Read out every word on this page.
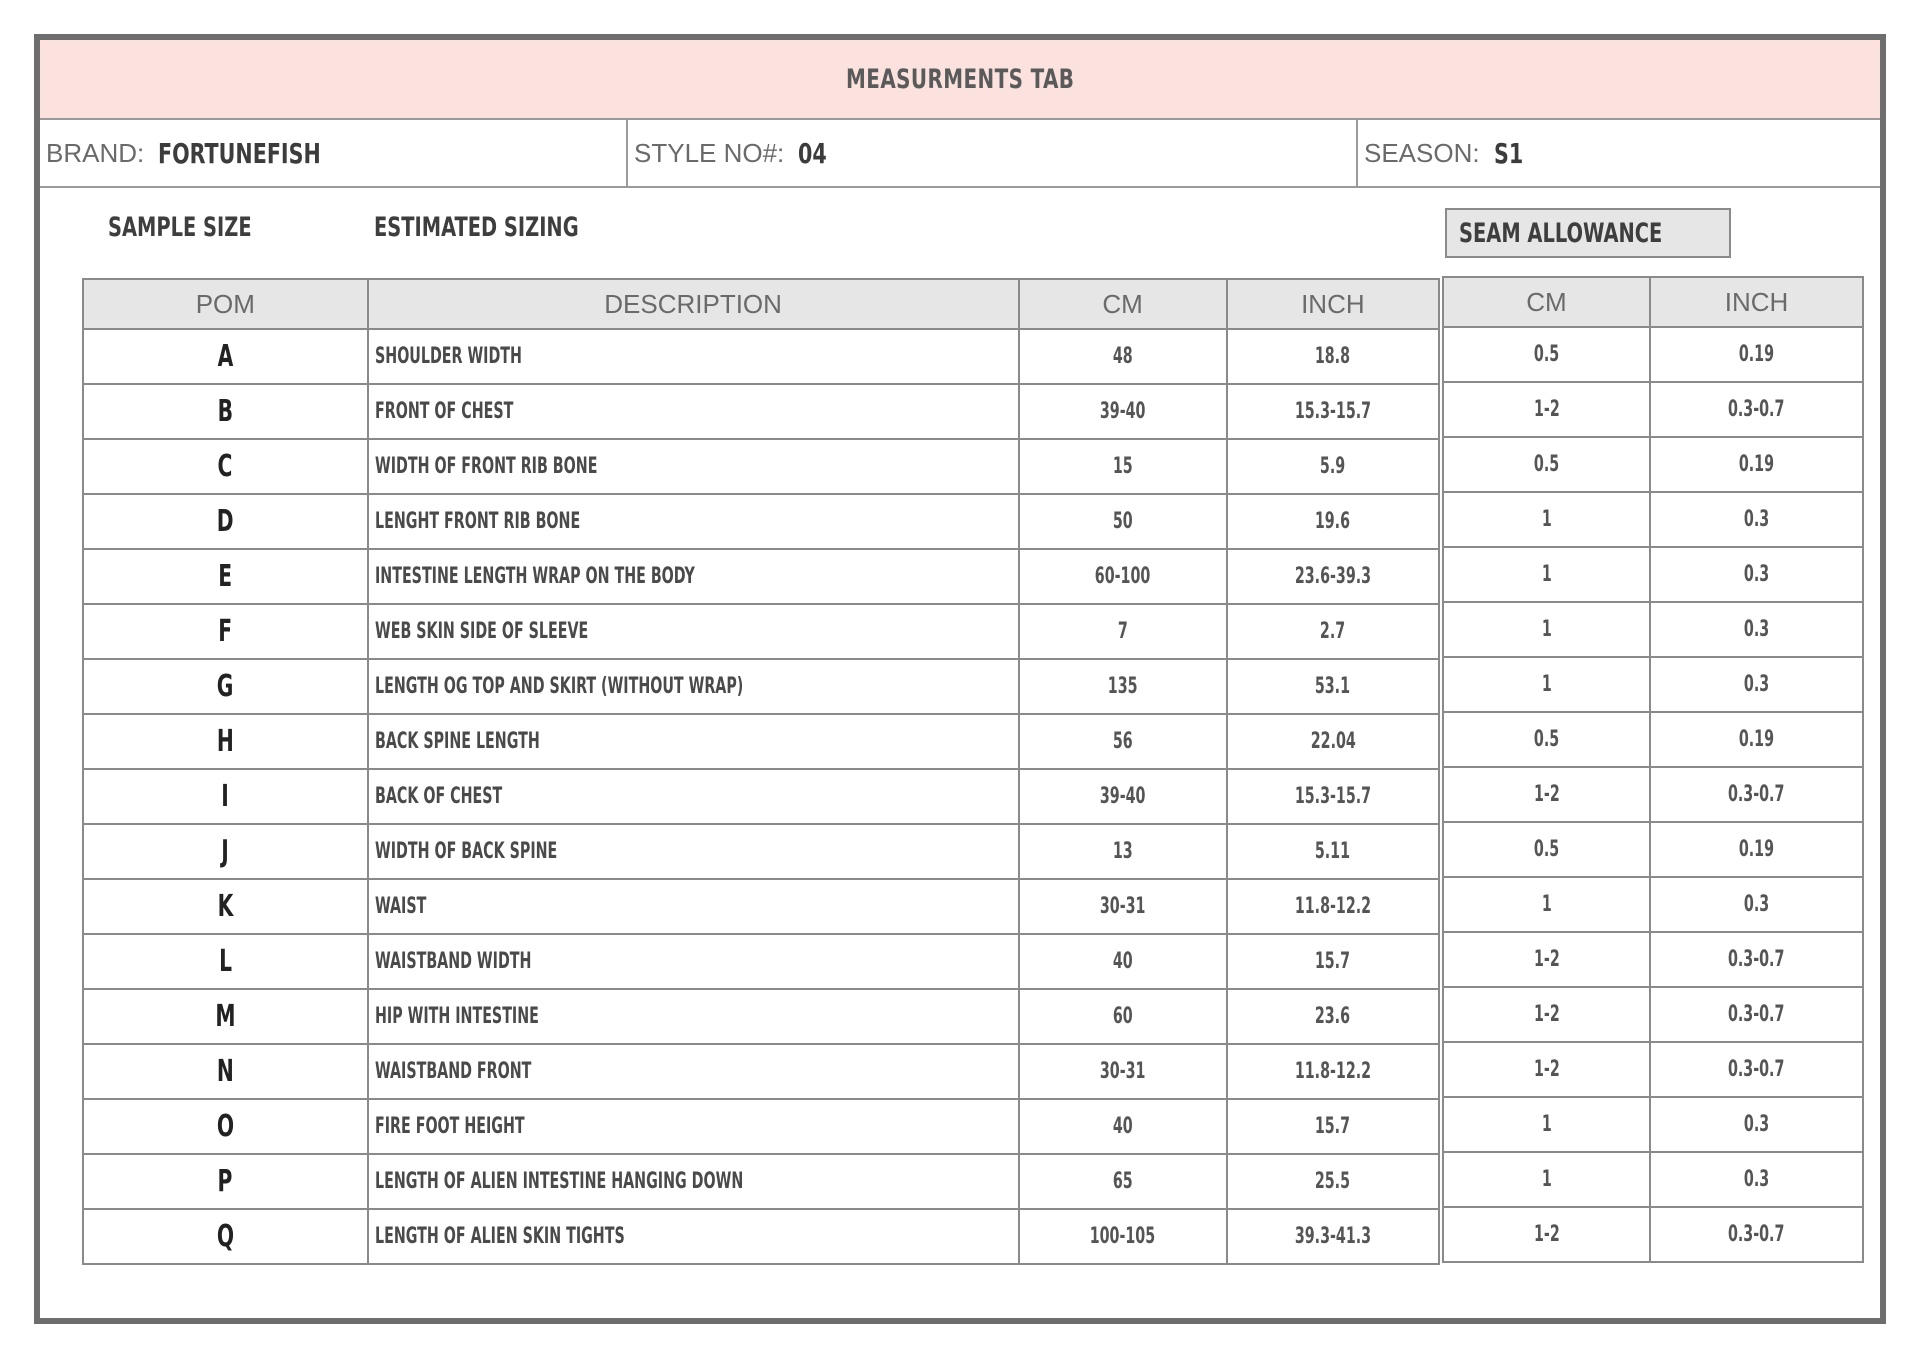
MEASURMENTS TAB
BRAND: FORTUNEFISH	STYLE NO#: 04	SEASON: S1
SAMPLE SIZE	ESTIMATED SIZING	SEAM ALLOWANCE
POM	DESCRIPTION	CM	INCH
A	SHOULDER WIDTH	48	18.8
B	FRONT OF CHEST	39-40	15.3-15.7
C	WIDTH OF FRONT RIB BONE	15	5.9
D	LENGHT FRONT RIB BONE	50	19.6
E	INTESTINE LENGTH WRAP ON THE BODY	60-100	23.6-39.3
F	WEB SKIN SIDE OF SLEEVE	7	2.7
G	LENGTH OG TOP AND SKIRT (WITHOUT WRAP)	135	53.1
H	BACK SPINE LENGTH	56	22.04
I	BACK OF CHEST	39-40	15.3-15.7
J	WIDTH OF BACK SPINE	13	5.11
K	WAIST	30-31	11.8-12.2
L	WAISTBAND WIDTH	40	15.7
M	HIP WITH INTESTINE	60	23.6
N	WAISTBAND FRONT	30-31	11.8-12.2
O	FIRE FOOT HEIGHT	40	15.7
P	LENGTH OF ALIEN INTESTINE HANGING DOWN	65	25.5
Q	LENGTH OF ALIEN SKIN TIGHTS	100-105	39.3-41.3
CM	INCH
0.5	0.19
1-2	0.3-0.7
0.5	0.19
1	0.3
1	0.3
1	0.3
1	0.3
0.5	0.19
1-2	0.3-0.7
0.5	0.19
1	0.3
1-2	0.3-0.7
1-2	0.3-0.7
1-2	0.3-0.7
1	0.3
1	0.3
1-2	0.3-0.7
